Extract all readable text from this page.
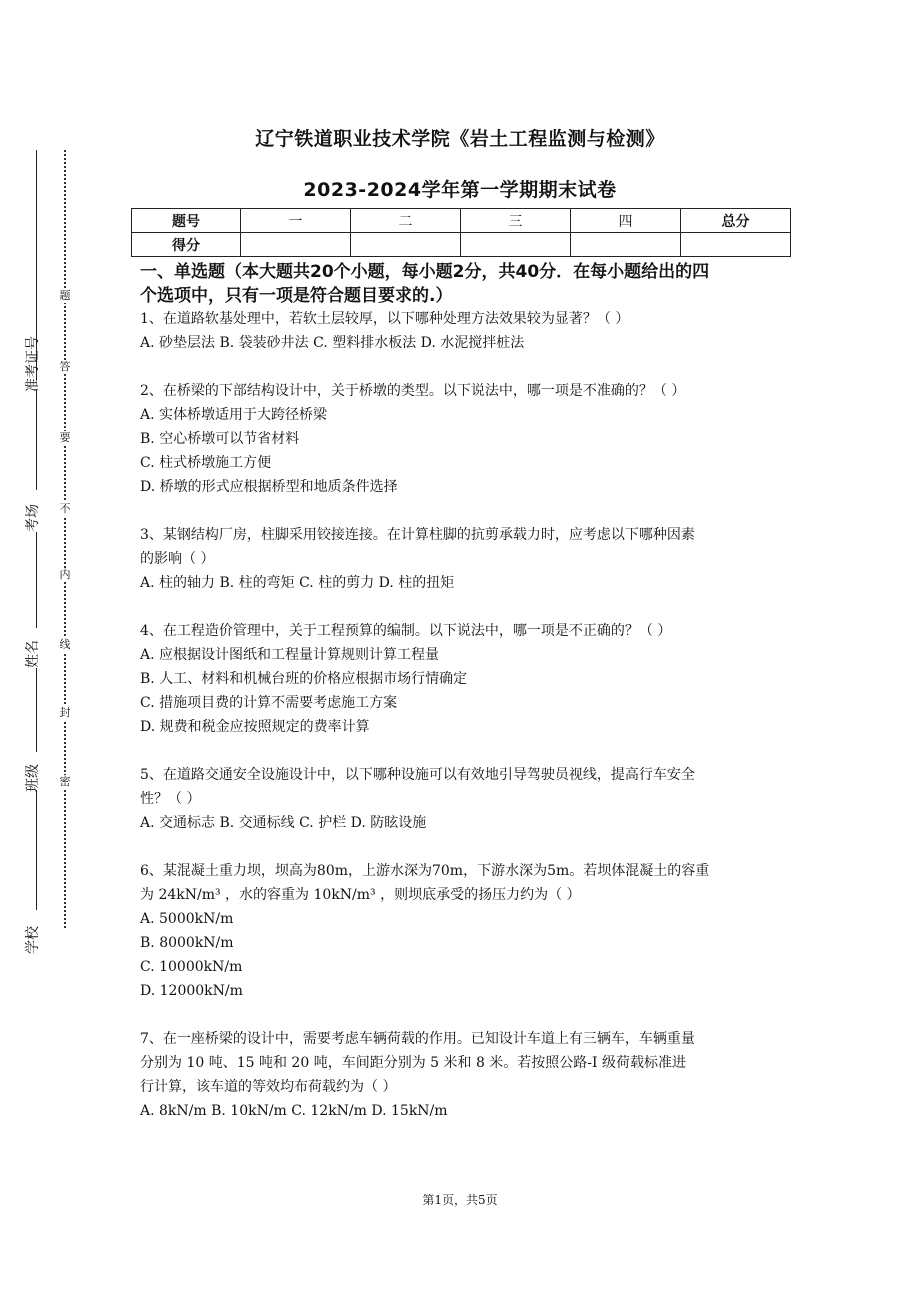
准考证号
考场
姓名
班级
学校
题
答
要
不
内
线
封
密
辽宁铁道职业技术学院《岩土工程监测与检测》
2023-2024学年第一学期期末试卷
题号	一	二	三	四	总分
得分					
一、单选题（本大题共20个小题，每小题2分，共40分．在每小题给出的四
个选项中，只有一项是符合题目要求的.）
1、在道路软基处理中，若软土层较厚，以下哪种处理方法效果较为显著？（ ）
A. 砂垫层法 B. 袋装砂井法 C. 塑料排水板法 D. 水泥搅拌桩法
2、在桥梁的下部结构设计中，关于桥墩的类型。以下说法中，哪一项是不准确的？（ ）
A. 实体桥墩适用于大跨径桥梁
B. 空心桥墩可以节省材料
C. 柱式桥墩施工方便
D. 桥墩的形式应根据桥型和地质条件选择
3、某钢结构厂房，柱脚采用铰接连接。在计算柱脚的抗剪承载力时，应考虑以下哪种因素
的影响（ ）
A. 柱的轴力 B. 柱的弯矩 C. 柱的剪力 D. 柱的扭矩
4、在工程造价管理中，关于工程预算的编制。以下说法中，哪一项是不正确的？（ ）
A. 应根据设计图纸和工程量计算规则计算工程量
B. 人工、材料和机械台班的价格应根据市场行情确定
C. 措施项目费的计算不需要考虑施工方案
D. 规费和税金应按照规定的费率计算
5、在道路交通安全设施设计中，以下哪种设施可以有效地引导驾驶员视线，提高行车安全
性？（ ）
A. 交通标志 B. 交通标线 C. 护栏 D. 防眩设施
6、某混凝土重力坝，坝高为80m，上游水深为70m，下游水深为5m。若坝体混凝土的容重
为 24kN/m³ ，水的容重为 10kN/m³ ，则坝底承受的扬压力约为（ ）
A. 5000kN/m
B. 8000kN/m
C. 10000kN/m
D. 12000kN/m
7、在一座桥梁的设计中，需要考虑车辆荷载的作用。已知设计车道上有三辆车，车辆重量
分别为 10 吨、15 吨和 20 吨，车间距分别为 5 米和 8 米。若按照公路-I 级荷载标准进
行计算，该车道的等效均布荷载约为（ ）
A. 8kN/m B. 10kN/m C. 12kN/m D. 15kN/m
第1页，共5页
